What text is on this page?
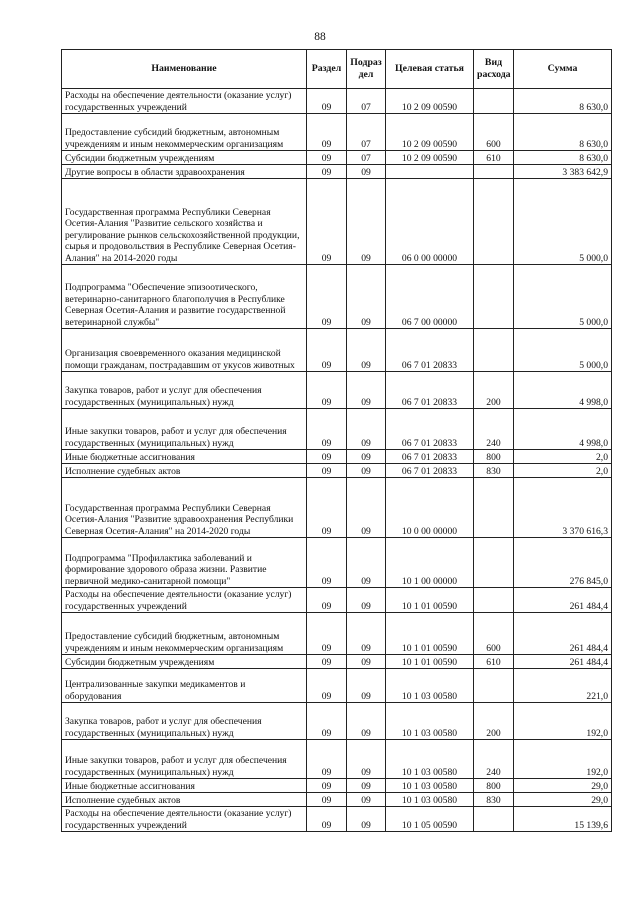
88
Наименование	Раздел	Подраз дел	Целевая статья	Вид расхода	Сумма
Расходы на обеспечение деятельности (оказание услуг) государственных учреждений	09	07	10 2 09 00590		8 630,0
Предоставление субсидий бюджетным, автономным учреждениям и иным некоммерческим организациям	09	07	10 2 09 00590	600	8 630,0
Субсидии бюджетным учреждениям	09	07	10 2 09 00590	610	8 630,0
Другие вопросы в области здравоохранения	09	09			3 383 642,9
Государственная программа Республики Северная Осетия-Алания "Развитие сельского хозяйства и регулирование рынков сельскохозяйственной продукции, сырья и продовольствия в Республике Северная Осетия-Алания" на 2014-2020 годы	09	09	06 0 00 00000		5 000,0
Подпрограмма "Обеспечение эпизоотического, ветеринарно-санитарного благополучия в Республике Северная Осетия-Алания и развитие государственной ветеринарной службы"	09	09	06 7 00 00000		5 000,0
Организация своевременного оказания медицинской помощи гражданам, пострадавшим от укусов животных	09	09	06 7 01 20833		5 000,0
Закупка товаров, работ и услуг для обеспечения государственных (муниципальных) нужд	09	09	06 7 01 20833	200	4 998,0
Иные закупки товаров, работ и услуг для обеспечения государственных (муниципальных) нужд	09	09	06 7 01 20833	240	4 998,0
Иные бюджетные ассигнования	09	09	06 7 01 20833	800	2,0
Исполнение судебных актов	09	09	06 7 01 20833	830	2,0
Государственная программа Республики Северная Осетия-Алания "Развитие здравоохранения Республики Северная Осетия-Алания" на 2014-2020 годы	09	09	10 0 00 00000		3 370 616,3
Подпрограмма "Профилактика заболеваний и формирование здорового образа жизни. Развитие первичной медико-санитарной помощи"	09	09	10 1 00 00000		276 845,0
Расходы на обеспечение деятельности (оказание услуг) государственных учреждений	09	09	10 1 01 00590		261 484,4
Предоставление субсидий бюджетным, автономным учреждениям и иным некоммерческим организациям	09	09	10 1 01 00590	600	261 484,4
Субсидии бюджетным учреждениям	09	09	10 1 01 00590	610	261 484,4
Централизованные закупки медикаментов и оборудования	09	09	10 1 03 00580		221,0
Закупка товаров, работ и услуг для обеспечения государственных (муниципальных) нужд	09	09	10 1 03 00580	200	192,0
Иные закупки товаров, работ и услуг для обеспечения государственных (муниципальных) нужд	09	09	10 1 03 00580	240	192,0
Иные бюджетные ассигнования	09	09	10 1 03 00580	800	29,0
Исполнение судебных актов	09	09	10 1 03 00580	830	29,0
Расходы на обеспечение деятельности (оказание услуг) государственных учреждений	09	09	10 1 05 00590		15 139,6
